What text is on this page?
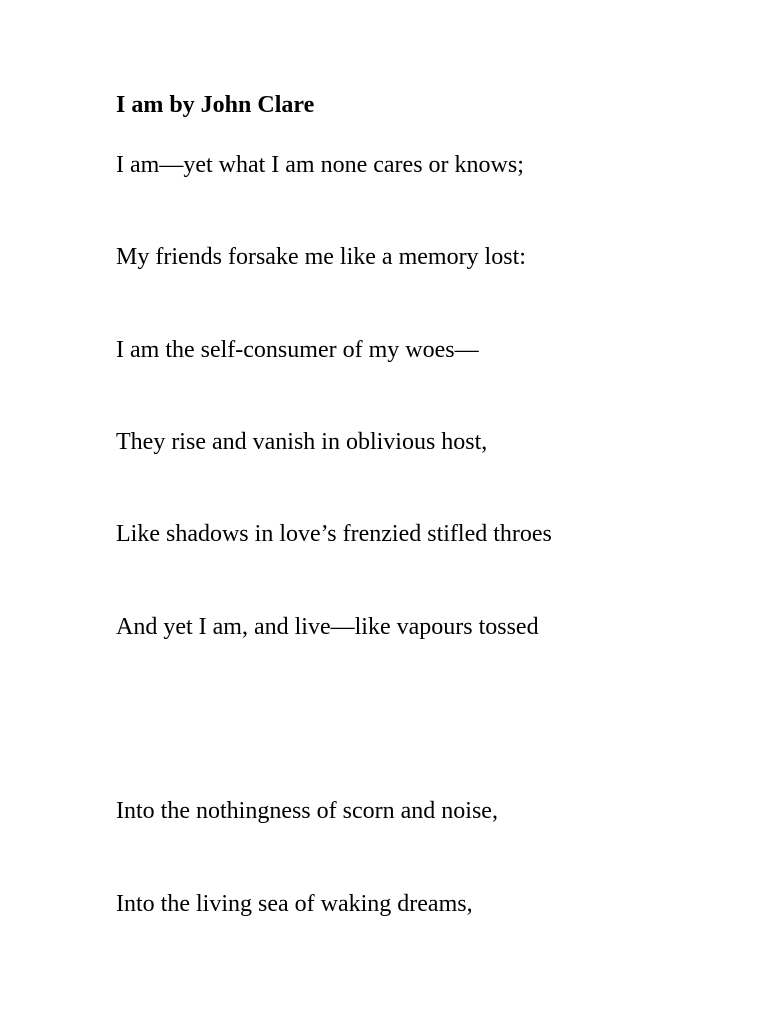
I am by John Clare
I am—yet what I am none cares or knows;
My friends forsake me like a memory lost:
I am the self-consumer of my woes—
They rise and vanish in oblivious host,
Like shadows in love’s frenzied stifled throes
And yet I am, and live—like vapours tossed
Into the nothingness of scorn and noise,
Into the living sea of waking dreams,
